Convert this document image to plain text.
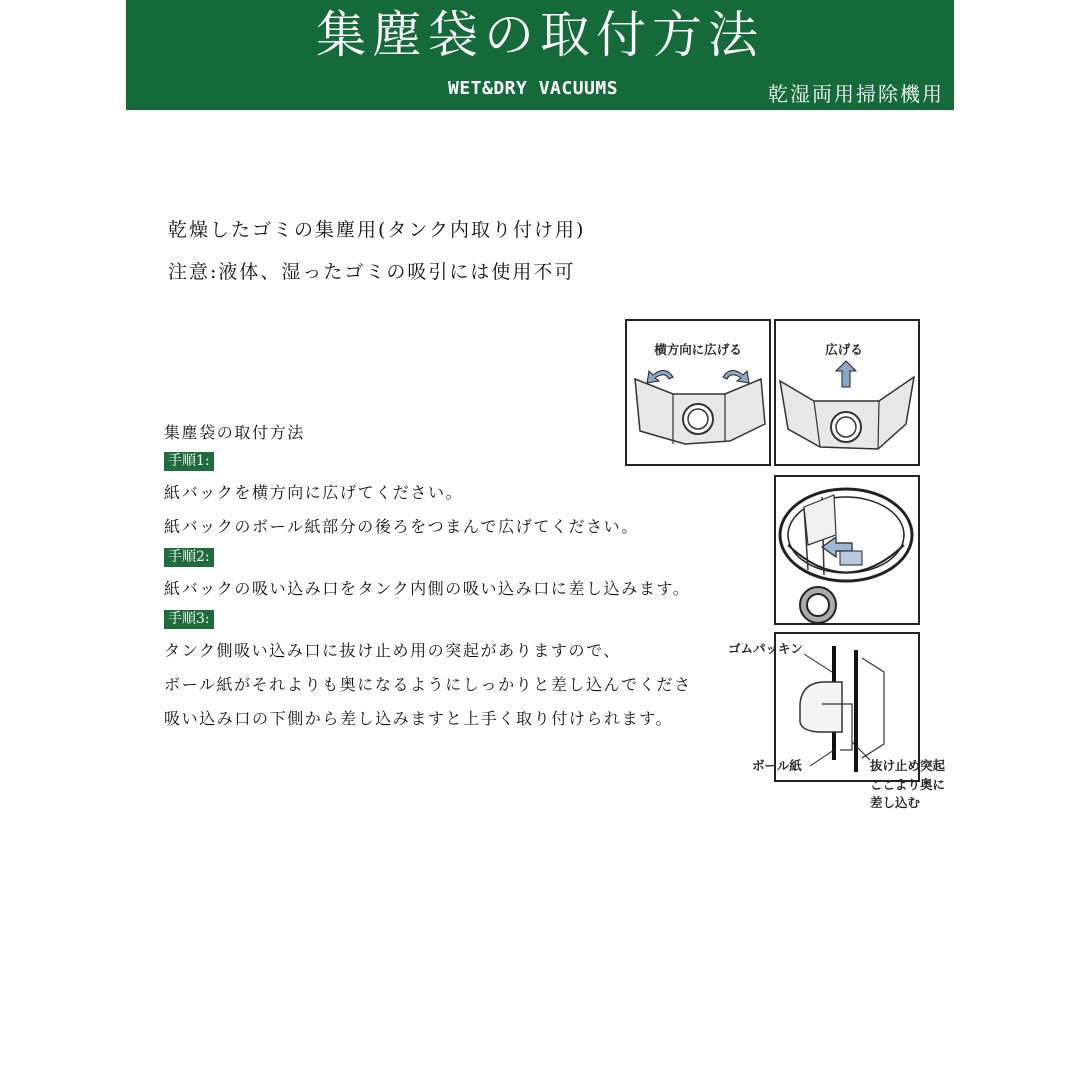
集塵袋の取付方法
WET&DRY VACUUMS	乾湿両用掃除機用
乾燥したゴミの集塵用(タンク内取り付け用)
注意:液体、湿ったゴミの吸引には使用不可
集塵袋の取付方法
手順1:
紙バックを横方向に広げてください。
紙バックのボール紙部分の後ろをつまんで広げてください。
手順2:
紙バックの吸い込み口をタンク内側の吸い込み口に差し込みます。
手順3:
タンク側吸い込み口に抜け止め用の突起がありますので、
ボール紙がそれよりも奥になるようにしっかりと差し込んでくださ
吸い込み口の下側から差し込みますと上手く取り付けられます。
横方向に広げる	広げる
ゴムパッキン
ボール紙	抜け止め突起
ここより奥に
差し込む
